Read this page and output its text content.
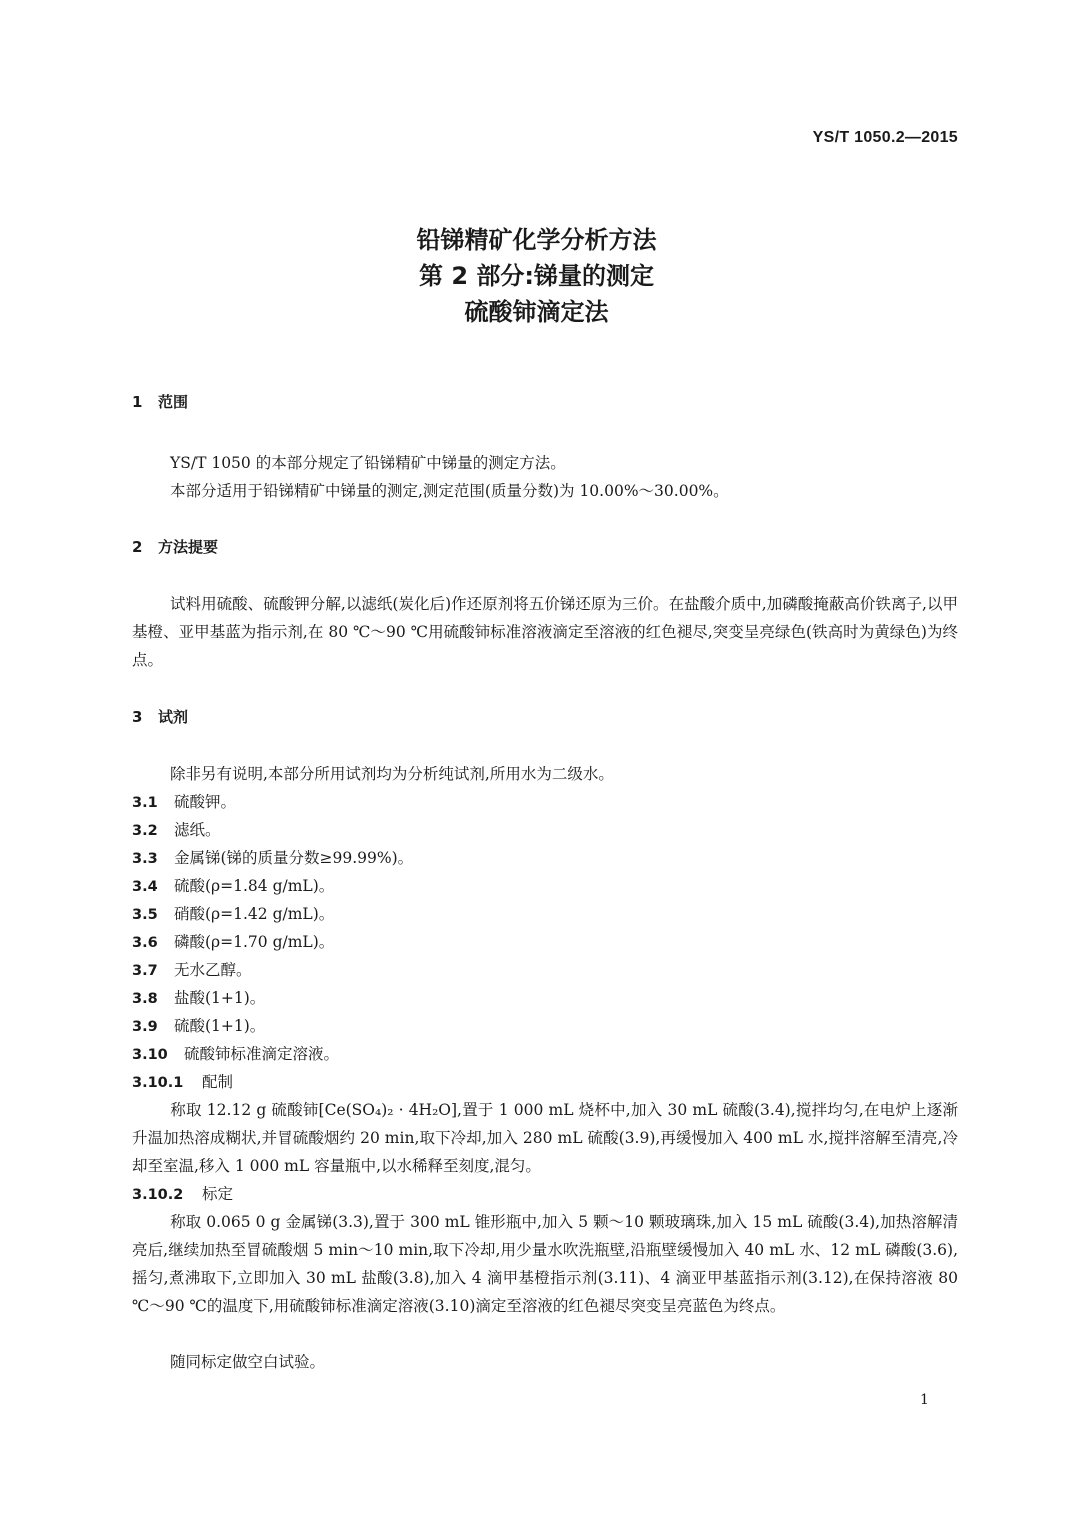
YS/T 1050.2—2015
铅锑精矿化学分析方法
第 2 部分:锑量的测定
硫酸铈滴定法
1 范围
YS/T 1050 的本部分规定了铅锑精矿中锑量的测定方法。
本部分适用于铅锑精矿中锑量的测定,测定范围(质量分数)为 10.00%～30.00%。
2 方法提要
试料用硫酸、硫酸钾分解,以滤纸(炭化后)作还原剂将五价锑还原为三价。在盐酸介质中,加磷酸掩蔽高价铁离子,以甲基橙、亚甲基蓝为指示剂,在 80 ℃～90 ℃用硫酸铈标准溶液滴定至溶液的红色褪尽,突变呈亮绿色(铁高时为黄绿色)为终点。
3 试剂
除非另有说明,本部分所用试剂均为分析纯试剂,所用水为二级水。
3.1 硫酸钾。
3.2 滤纸。
3.3 金属锑(锑的质量分数≥99.99%)。
3.4 硫酸(ρ=1.84 g/mL)。
3.5 硝酸(ρ=1.42 g/mL)。
3.6 磷酸(ρ=1.70 g/mL)。
3.7 无水乙醇。
3.8 盐酸(1+1)。
3.9 硫酸(1+1)。
3.10 硫酸铈标准滴定溶液。
3.10.1 配制
称取 12.12 g 硫酸铈[Ce(SO₄)₂ · 4H₂O],置于 1 000 mL 烧杯中,加入 30 mL 硫酸(3.4),搅拌均匀,在电炉上逐渐升温加热溶成糊状,并冒硫酸烟约 20 min,取下冷却,加入 280 mL 硫酸(3.9),再缓慢加入 400 mL 水,搅拌溶解至清亮,冷却至室温,移入 1 000 mL 容量瓶中,以水稀释至刻度,混匀。
3.10.2 标定
称取 0.065 0 g 金属锑(3.3),置于 300 mL 锥形瓶中,加入 5 颗～10 颗玻璃珠,加入 15 mL 硫酸(3.4),加热溶解清亮后,继续加热至冒硫酸烟 5 min～10 min,取下冷却,用少量水吹洗瓶壁,沿瓶壁缓慢加入 40 mL 水、12 mL 磷酸(3.6),摇匀,煮沸取下,立即加入 30 mL 盐酸(3.8),加入 4 滴甲基橙指示剂(3.11)、4 滴亚甲基蓝指示剂(3.12),在保持溶液 80 ℃～90 ℃的温度下,用硫酸铈标准滴定溶液(3.10)滴定至溶液的红色褪尽突变呈亮蓝色为终点。
随同标定做空白试验。
1
